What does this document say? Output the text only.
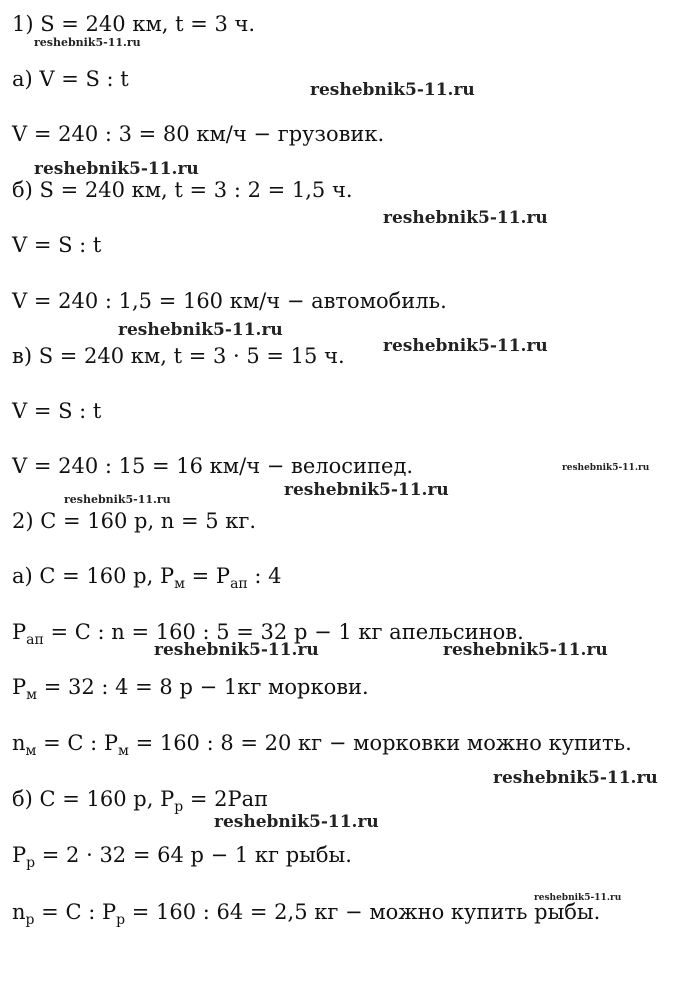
1) S = 240 км, t = 3 ч.
а) V = S : t
V = 240 : 3 = 80 км/ч − грузовик.
б) S = 240 км, t = 3 : 2 = 1,5 ч.
V = S : t
V = 240 : 1,5 = 160 км/ч − автомобиль.
в) S = 240 км, t = 3 · 5 = 15 ч.
V = S : t
V = 240 : 15 = 16 км/ч − велосипед.
2) C = 160 р, n = 5 кг.
а) C = 160 р, $P_м = P_{ап}$ : 4
$P_{ап} = C$ : n = 160 : 5 = 32 р − 1 кг апельсинов.
$P_м = 32$ : 4 = 8 р − 1кг моркови.
$n_м = C$ : $P_м = 160$ : 8 = 20 кг − морковки можно купить.
б) C = 160 р, $P_р = 2Pап$
$P_р = 2 \cdot 32 = 64$ р − 1 кг рыбы.
$n_р = C$ : $P_р = 160$ : 64 = 2,5 кг − можно купить рыбы.
reshebnik5-11.ru
reshebnik5-11.ru
reshebnik5-11.ru
reshebnik5-11.ru
reshebnik5-11.ru
reshebnik5-11.ru
reshebnik5-11.ru
reshebnik5-11.ru	reshebnik5-11.ru
reshebnik5-11.ru	reshebnik5-11.ru
reshebnik5-11.ru
reshebnik5-11.ru
reshebnik5-11.ru
